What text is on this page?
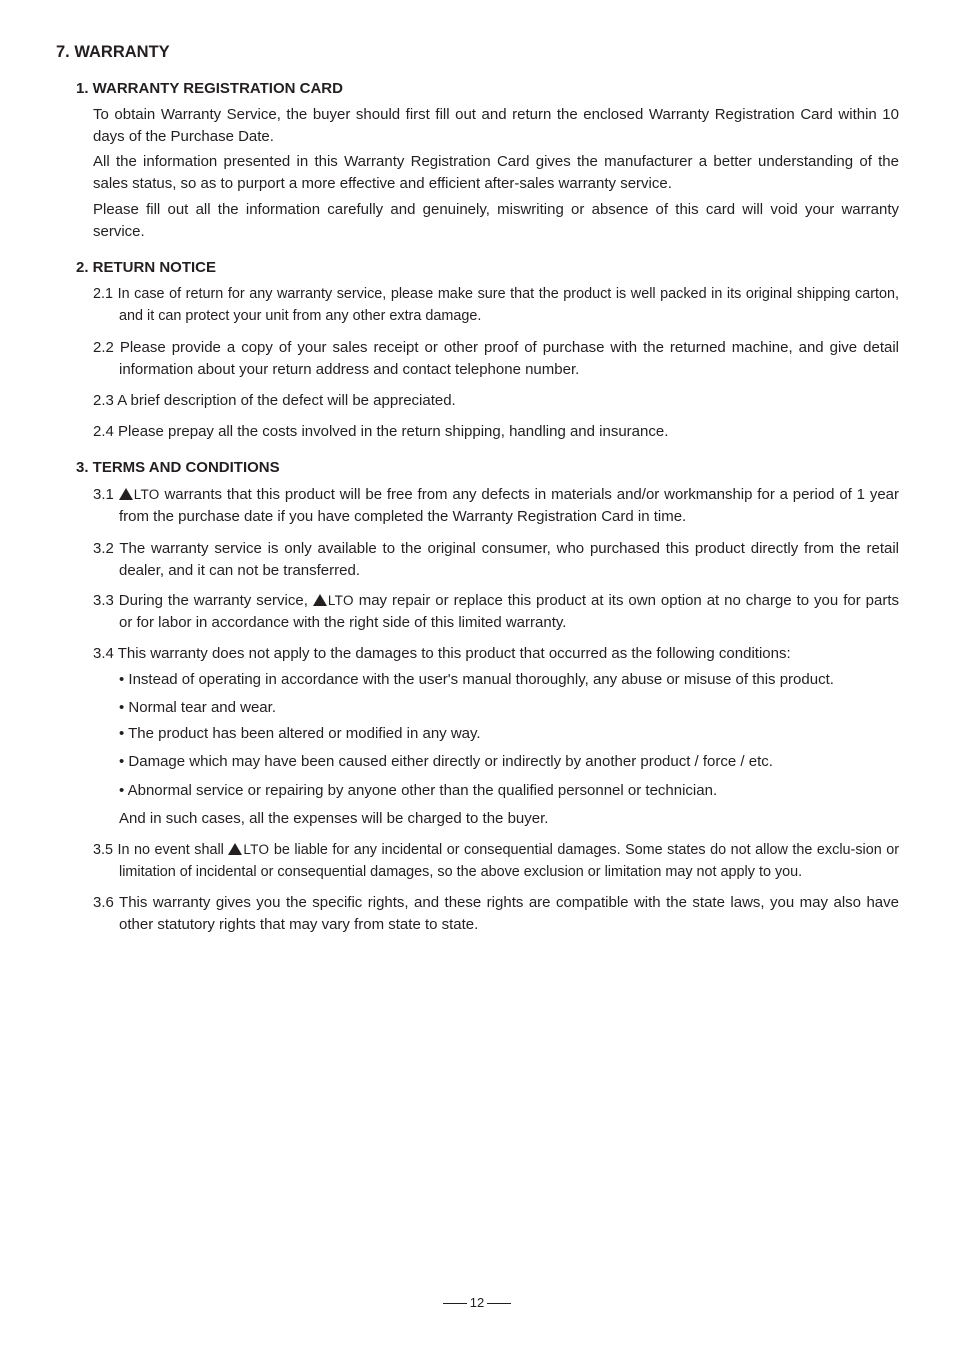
7. WARRANTY
1. WARRANTY REGISTRATION CARD

To obtain Warranty Service, the buyer should first fill out and return the enclosed Warranty Registration Card within 10 days of the Purchase Date.

All the information presented in this Warranty Registration Card gives the manufacturer a better understanding of the sales status, so as to purport a more effective and efficient after-sales warranty service.

Please fill out all the information carefully and genuinely, miswriting or absence of this card will void your warranty service.

2. RETURN NOTICE

2.1 In case of return for any warranty service, please make sure that the product is well packed in its original shipping carton, and it can protect your unit from any other extra damage.

2.2 Please provide a copy of your sales receipt or other proof of purchase with the returned machine, and give detail information about your return address and contact telephone number.

2.3 A brief description of the defect will be appreciated.

2.4 Please prepay all the costs involved in the return shipping, handling and insurance.

3. TERMS AND CONDITIONS

3.1 LTO warrants that this product will be free from any defects in materials and/or workmanship for a period of 1 year from the purchase date if you have completed the Warranty Registration Card in time.

3.2 The warranty service is only available to the original consumer, who purchased this product directly from the retail dealer, and it can not be transferred.

3.3 During the warranty service, LTO may repair or replace this product at its own option at no charge to you for parts or for labor in accordance with the right side of this limited warranty.

3.4 This warranty does not apply to the damages to this product that occurred as the following conditions:

• Instead of operating in accordance with the user's manual thoroughly, any abuse or misuse of this product.

• Normal tear and wear.

• The product has been altered or modified in any way.

• Damage which may have been caused either directly or indirectly by another product / force / etc.

• Abnormal service or repairing by anyone other than the qualified personnel or technician.

And in such cases, all the expenses will be charged to the buyer.

3.5 In no event shall LTO be liable for any incidental or consequential damages. Some states do not allow the exclu-sion or limitation of incidental or consequential damages, so the above exclusion or limitation may not apply to you.

3.6 This warranty gives you the specific rights, and these rights are compatible with the state laws, you may also have other statutory rights that may vary from state to state.

12
